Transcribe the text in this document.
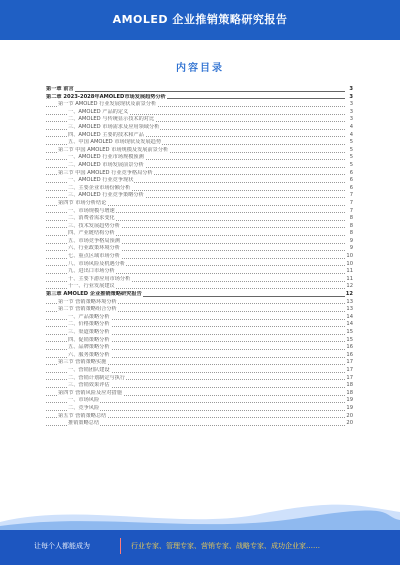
AMOLED 企业推销策略研究报告
内容目录
第一章 前言	3
第二章 2023-2028年AMOLED市场发展趋势分析	3
第一节 AMOLED 行业发展现状及前景分析	3
一、AMOLED 产品的定义	3
二、AMOLED 与传统显示技术的对比	3
三、AMOLED 市场需求及应用领域分析	4
四、AMOLED 主要的技术和产品	4
五、中国 AMOLED 市场现状及发展趋势	5
第二节 中国 AMOLED 市场规模及发展前景分析	5
一、AMOLED 行业市场规模预测	5
二、AMOLED 市场发展前景分析	5
第三节 中国 AMOLED 行业竞争格局分析	6
一、AMOLED 行业竞争现状	6
二、主要企业市场份额分析	6
三、AMOLED 行业竞争策略分析	7
第四节 市场分析结论	7
一、市场规模与增速	7
二、消费者需求变化	8
三、技术发展趋势分析	8
四、产业链结构分析	8
五、市场竞争格局预测	9
六、行业政策环境分析	9
七、重点区域市场分析	10
八、市场风险及机遇分析	10
九、进出口市场分析	11
十、主要下游应用市场分析	11
十一、行业发展建议	12
第三章 AMOLED 企业推销策略研究报告	12
第一节 营销策略环境分析	13
第二节 营销策略组合分析	13
一、产品策略分析	14
二、价格策略分析	14
三、渠道策略分析	15
四、促销策略分析	15
五、品牌策略分析	16
六、服务策略分析	16
第三节 营销策略实施	17
一、营销团队建设	17
二、营销计划制定与执行	17
三、营销效果评估	18
第四节 营销风险及应对措施	18
一、市场风险	19
二、竞争风险	19
第五节 营销策略总结	20
推销策略总结	20
让每个人都能成为	行业专家、管理专家、营销专家、战略专家、成功企业家……
